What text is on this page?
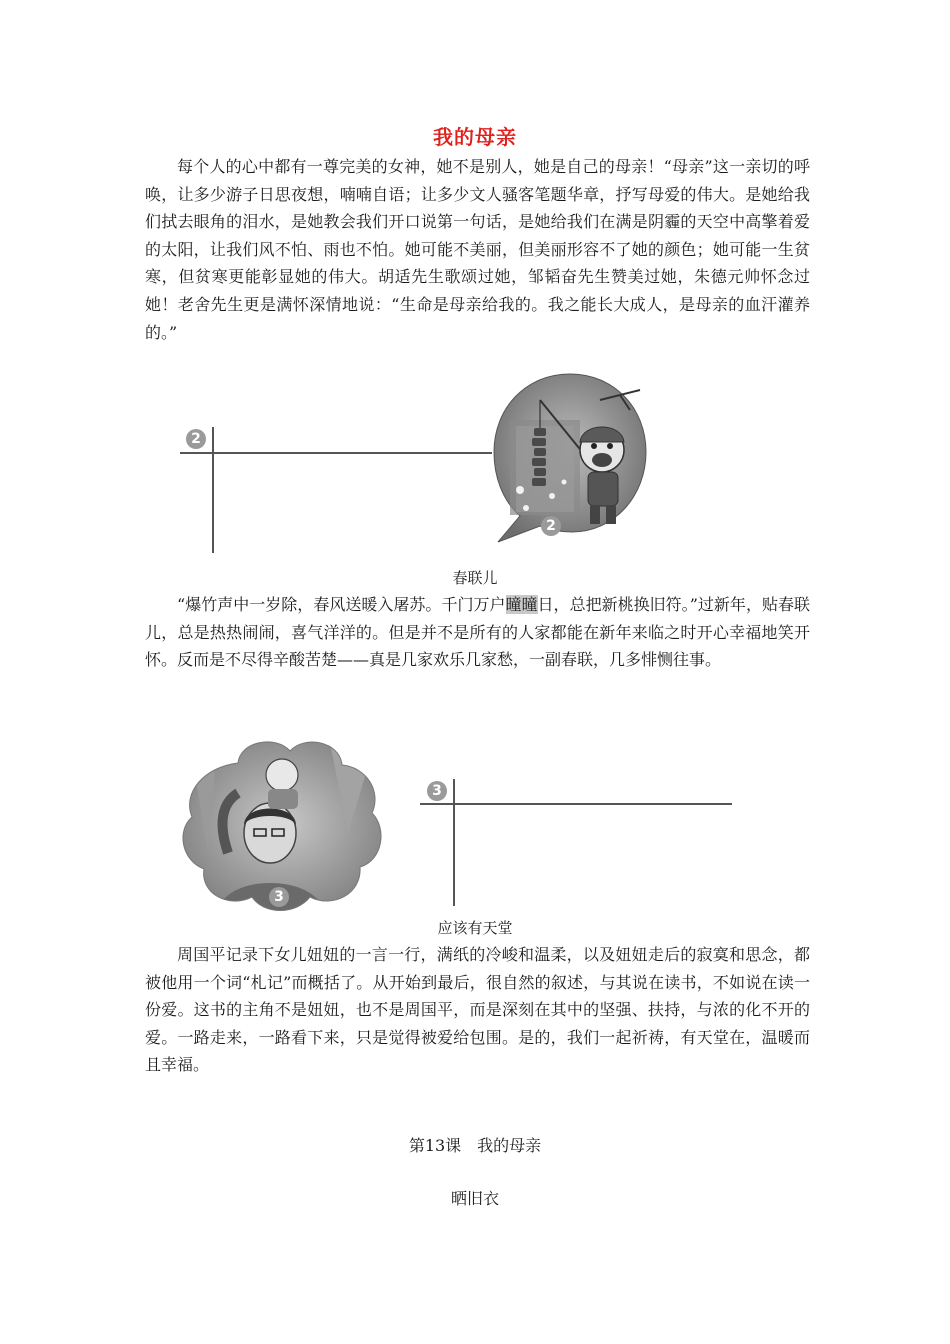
我的母亲

每个人的心中都有一尊完美的女神，她不是别人，她是自己的母亲！“母亲”这一亲切的呼唤，让多少游子日思夜想，喃喃自语；让多少文人骚客笔题华章，抒写母爱的伟大。是她给我们拭去眼角的泪水，是她教会我们开口说第一句话，是她给我们在满是阴霾的天空中高擎着爱的太阳，让我们风不怕、雨也不怕。她可能不美丽，但美丽形容不了她的颜色；她可能一生贫寒，但贫寒更能彰显她的伟大。胡适先生歌颂过她，邹韬奋先生赞美过她，朱德元帅怀念过她！老舍先生更是满怀深情地说：“生命是母亲给我的。我之能长大成人，是母亲的血汗灌养的。”

2
2
春联儿

“爆竹声中一岁除，春风送暖入屠苏。千门万户曈曈日，总把新桃换旧符。”过新年，贴春联儿，总是热热闹闹，喜气洋洋的。但是并不是所有的人家都能在新年来临之时开心幸福地笑开怀。反而是不尽得辛酸苦楚——真是几家欢乐几家愁，一副春联，几多悱恻往事。

3
3
应该有天堂

周国平记录下女儿妞妞的一言一行，满纸的冷峻和温柔，以及妞妞走后的寂寞和思念，都被他用一个词“札记”而概括了。从开始到最后，很自然的叙述，与其说在读书，不如说在读一份爱。这书的主角不是妞妞，也不是周国平，而是深刻在其中的坚强、扶持，与浓的化不开的爱。一路走来，一路看下来，只是觉得被爱给包围。是的，我们一起祈祷，有天堂在，温暖而且幸福。

第13课　我的母亲
晒旧衣
